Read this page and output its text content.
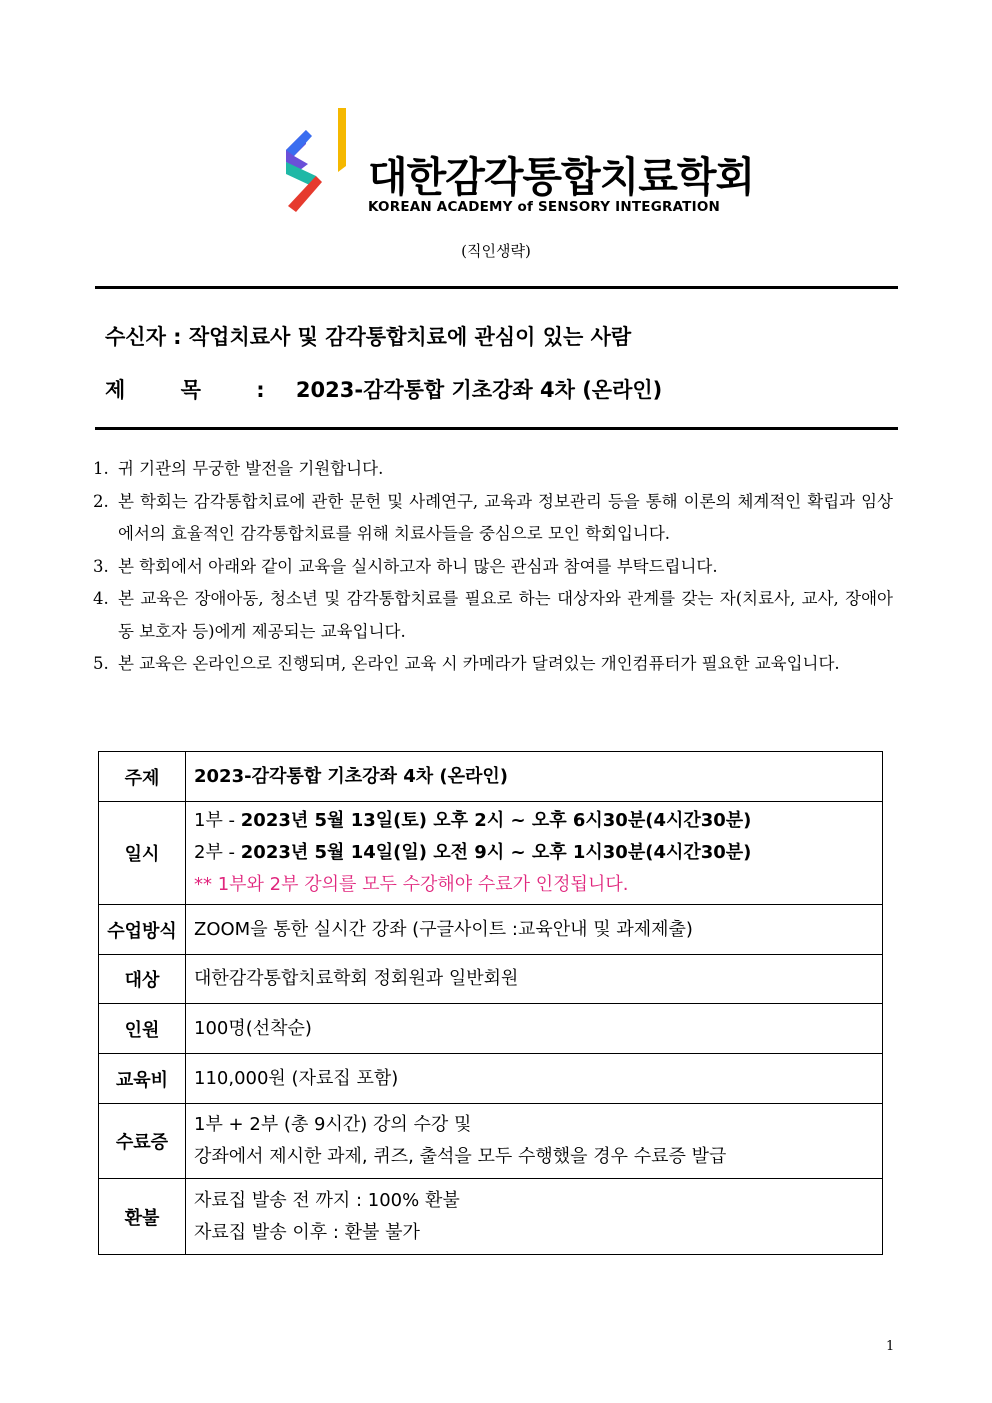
대한감각통합치료학회
KOREAN ACADEMY of SENSORY INTEGRATION
(직인생략)
수신자 : 작업치료사 및 감각통합치료에 관심이 있는 사람
제 목 : 2023-감각통합 기초강좌 4차 (온라인)
1. 귀 기관의 무궁한 발전을 기원합니다.
2. 본 학회는 감각통합치료에 관한 문헌 및 사례연구, 교육과 정보관리 등을 통해 이론의 체계적인 확립과 임상에서의 효율적인 감각통합치료를 위해 치료사들을 중심으로 모인 학회입니다.
3. 본 학회에서 아래와 같이 교육을 실시하고자 하니 많은 관심과 참여를 부탁드립니다.
4. 본 교육은 장애아동, 청소년 및 감각통합치료를 필요로 하는 대상자와 관계를 갖는 자(치료사, 교사, 장애아동 보호자 등)에게 제공되는 교육입니다.
5. 본 교육은 온라인으로 진행되며, 온라인 교육 시 카메라가 달려있는 개인컴퓨터가 필요한 교육입니다.
주제	2023-감각통합 기초강좌 4차 (온라인)
일시	1부 - 2023년 5월 13일(토) 오후 2시 ~ 오후 6시30분(4시간30분)
2부 - 2023년 5월 14일(일) 오전 9시 ~ 오후 1시30분(4시간30분)
** 1부와 2부 강의를 모두 수강해야 수료가 인정됩니다.

수업방식	ZOOM을 통한 실시간 강좌 (구글사이트 :교육안내 및 과제제출)
대상	대한감각통합치료학회 정회원과 일반회원
인원	100명(선착순)
교육비	110,000원 (자료집 포함)
수료증	1부 + 2부 (총 9시간) 강의 수강 및
강좌에서 제시한 과제, 퀴즈, 출석을 모두 수행했을 경우 수료증 발급

환불	자료집 발송 전 까지 : 100% 환불
자료집 발송 이후 : 환불 불가
1
